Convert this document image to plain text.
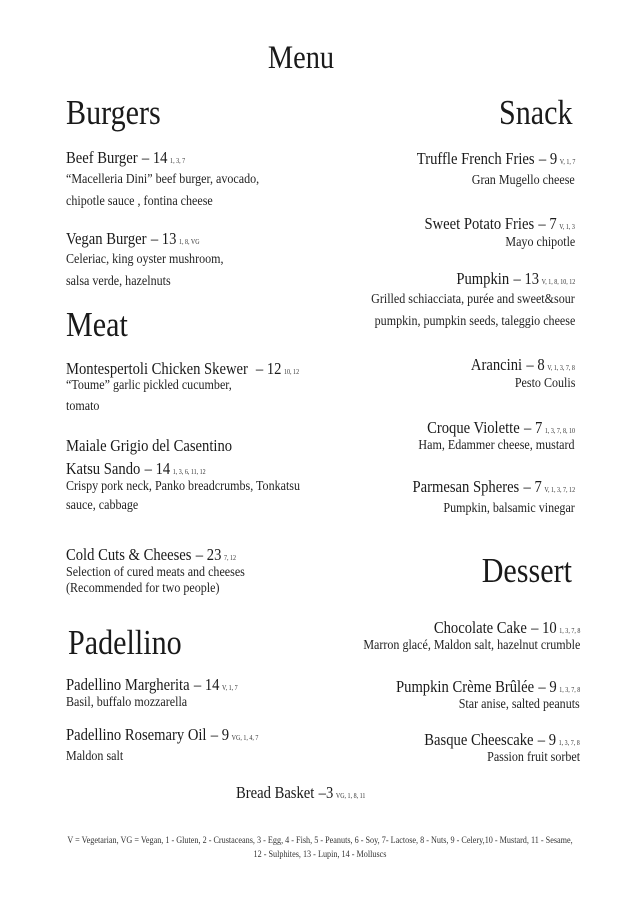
Menu
Burgers	Snack
Meat
Padellino
Dessert
V = Vegetarian, VG = Vegan, 1 - Gluten, 2 - Crustaceans, 3 - Egg, 4 - Fish, 5 - Peanuts, 6 - Soy, 7- Lactose, 8 - Nuts, 9 - Celery,10 - Mustard, 11 - Sesame,
12 - Sulphites, 13 - Lupin, 14 - Molluscs
Beef Burger – 14 1, 3, 7
“Macelleria Dini” beef burger, avocado,
chipotle sauce , fontina cheese
Vegan Burger – 13 1, 8, VG
Celeriac, king oyster mushroom,
salsa verde, hazelnuts
Montespertoli Chicken Skewer – 12 10, 12
“Toume” garlic pickled cucumber,
tomato
Maiale Grigio del Casentino
Katsu Sando – 14 1, 3, 6, 11, 12
Crispy pork neck, Panko breadcrumbs, Tonkatsu
sauce, cabbage
Cold Cuts & Cheeses – 23 7, 12
Selection of cured meats and cheeses
(Recommended for two people)
Padellino Margherita – 14 V, 1, 7
Basil, buffalo mozzarella
Padellino Rosemary Oil – 9 VG, 1, 4, 7
Maldon salt
Bread Basket –3 VG, 1, 8, 11
Truffle French Fries – 9 V, 1, 7
Gran Mugello cheese
Sweet Potato Fries – 7 V, 1, 3
Mayo chipotle
Pumpkin – 13 V, 1, 8, 10, 12
Grilled schiacciata, purée and sweet&sour
pumpkin, pumpkin seeds, taleggio cheese
Arancini – 8 V, 1, 3, 7, 8
Pesto Coulis
Croque Violette – 7 1, 3, 7, 8, 10
Ham, Edammer cheese, mustard
Parmesan Spheres – 7 V, 1, 3, 7, 12
Pumpkin, balsamic vinegar
Chocolate Cake – 10 1, 3, 7, 8
Marron glacé, Maldon salt, hazelnut crumble
Pumpkin Crème Brûlée – 9 1, 3, 7, 8
Star anise, salted peanuts
Basque Cheescake – 9 1, 3, 7, 8
Passion fruit sorbet
